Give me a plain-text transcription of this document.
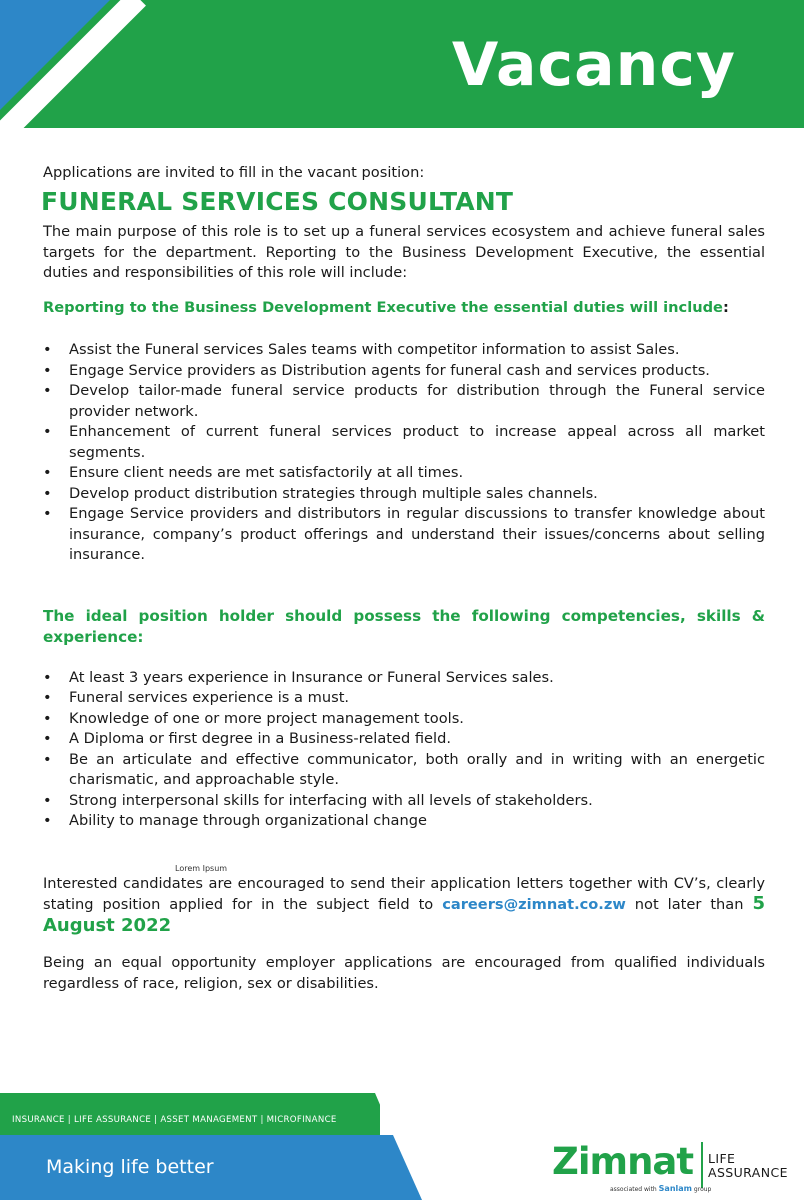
Vacancy

Applications are invited to fill in the vacant position:

FUNERAL SERVICES CONSULTANT

The main purpose of this role is to set up a funeral services ecosystem and achieve funeral sales targets for the department. Reporting to the Business Development Executive, the essential duties and responsibilities of this role will include:

Reporting to the Business Development Executive the essential duties will include:

• Assist the Funeral services Sales teams with competitor information to assist Sales.
• Engage Service providers as Distribution agents for funeral cash and services products.
• Develop tailor-made funeral service products for distribution through the Funeral service provider network.
• Enhancement of current funeral services product to increase appeal across all market segments.
• Ensure client needs are met satisfactorily at all times.
• Develop product distribution strategies through multiple sales channels.
• Engage Service providers and distributors in regular discussions to transfer knowledge about insurance, company’s product offerings and understand their issues/concerns about selling insurance.

The ideal position holder should possess the following competencies, skills & experience:

• At least 3 years experience in Insurance or Funeral Services sales.
• Funeral services experience is a must.
• Knowledge of one or more project management tools.
• A Diploma or first degree in a Business-related field.
• Be an articulate and effective communicator, both orally and in writing with an energetic charismatic, and approachable style.
• Strong interpersonal skills for interfacing with all levels of stakeholders.
• Ability to manage through organizational change

Interested candidates are encouraged to send their application letters together with CV’s, clearly stating position applied for in the subject field to careers@zimnat.co.zw not later than 5 August 2022

Being an equal opportunity employer applications are encouraged from qualified individuals regardless of race, religion, sex or disabilities.

Lorem Ipsum
INSURANCE | LIFE ASSURANCE | ASSET MANAGEMENT | MICROFINANCE
Making life better	Zimnat LIFE
ASSURANCE
associated with Sanlam group
